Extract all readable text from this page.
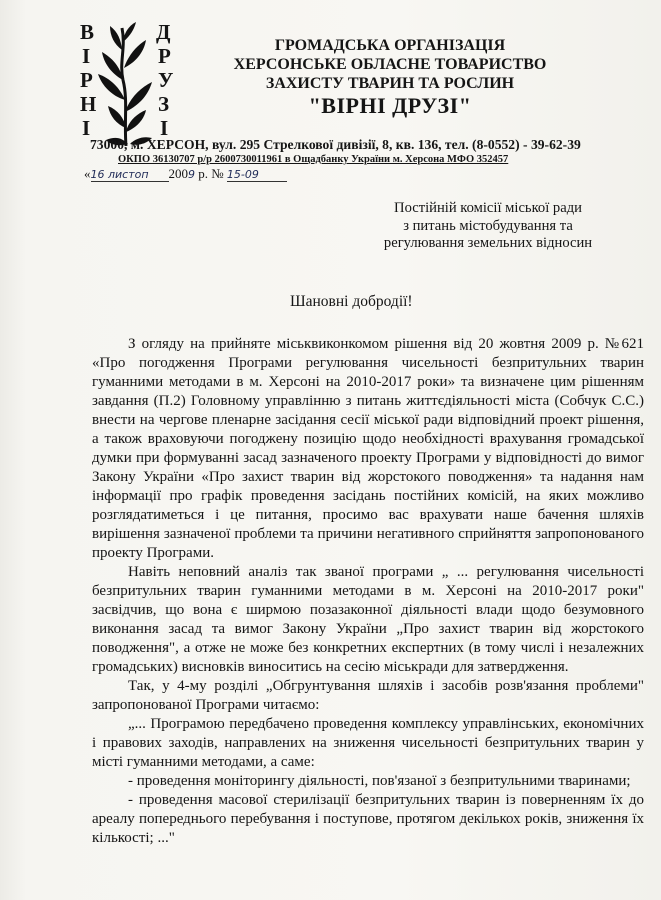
В
І
Р
Н
І
Д
Р
У
З
І
ГРОМАДСЬКА ОРГАНІЗАЦІЯ
ХЕРСОНСЬКЕ ОБЛАСНЕ ТОВАРИСТВО
ЗАХИСТУ ТВАРИН ТА РОСЛИН
"ВІРНІ ДРУЗІ"
73000, м. ХЕРСОН, вул. 295 Стрелкової дивізії, 8, кв. 136, тел. (8-0552) - 39-62-39
ОКПО 36130707 р/р 2600730011961 в Ощадбанку України м. Херсона МФО 352457
«16 листоп 2009 р. № 15-09
Постійній комісії міської ради
з питань містобудування та
регулювання земельних відносин
Шановні добродії!

З огляду на прийняте міськвиконкомом рішення від 20 жовтня 2009 р. №621 «Про погодження Програми регулювання чисельності безпритульних тварин гуманними методами в м. Херсоні на 2010-2017 роки» та визначене цим рішенням завдання (П.2) Головному управлінню з питань життєдіяльності міста (Собчук С.С.) внести на чергове пленарне засідання сесії міської ради відповідний проект рішення, а також враховуючи погоджену позицію щодо необхідності врахування громадської думки при формуванні засад зазначеного проекту Програми у відповідності до вимог Закону України «Про захист тварин від жорстокого поводження» та надання нам інформації про графік проведення засідань постійних комісій, на яких можливо розглядатиметься і це питання, просимо вас врахувати наше бачення шляхів вирішення зазначеної проблеми та причини негативного сприйняття запропонованого проекту Програми.

Навіть неповний аналіз так званої програми „ ... регулювання чисельності безпритульних тварин гуманними методами в м. Херсоні на 2010-2017 роки" засвідчив, що вона є ширмою позазаконної діяльності влади щодо безумовного виконання засад та вимог Закону України „Про захист тварин від жорстокого поводження", а отже не може без конкретних експертних (в тому числі і незалежних громадських) висновків виноситись на сесію міськради для затвердження.

Так, у 4-му розділі „Обгрунтування шляхів і засобів розв'язання проблеми" запропонованої Програми читаємо:

„... Програмою передбачено проведення комплексу управлінських, економічних і правових заходів, направлених на зниження чисельності безпритульних тварин у місті гуманними методами, а саме:

- проведення моніторингу діяльності, пов'язаної з безпритульними тваринами;

- проведення масової стерилізації безпритульних тварин із поверненням їх до ареалу попереднього перебування і поступове, протягом декількох років, зниження їх кількості; ..."
